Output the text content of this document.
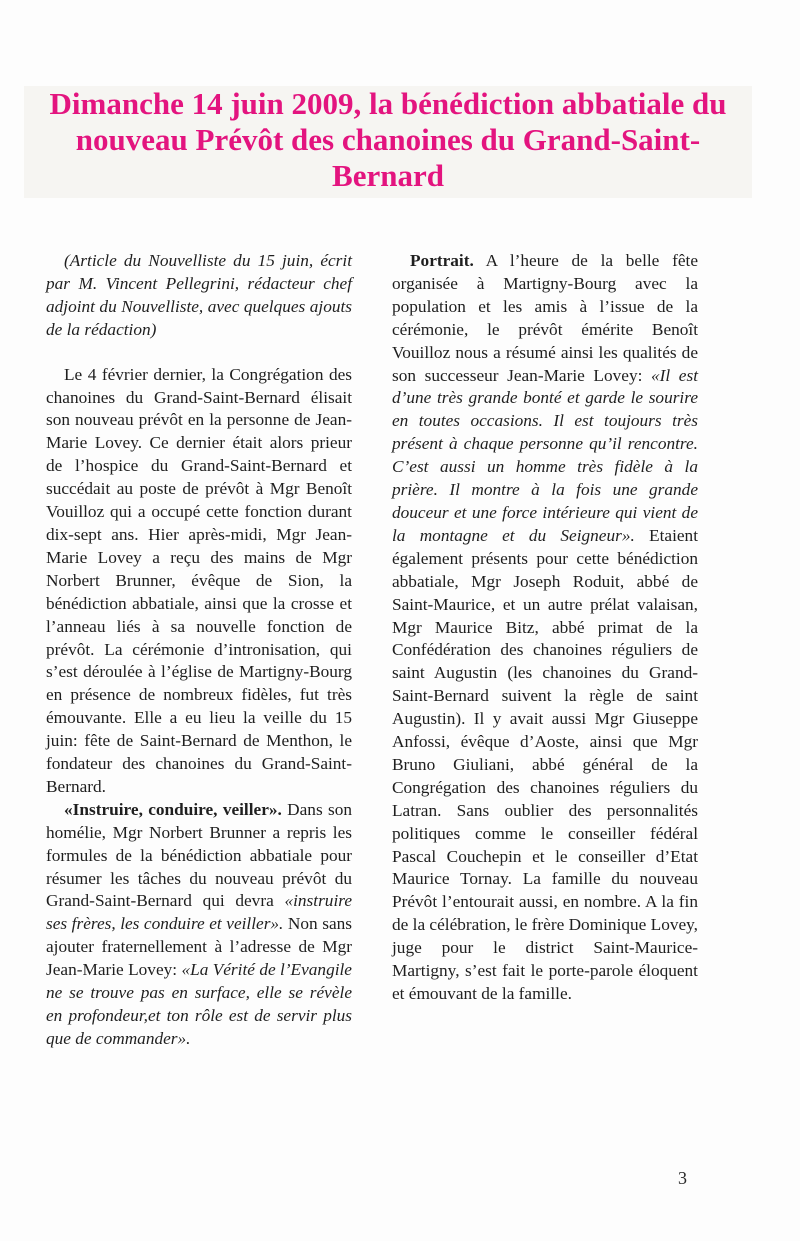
Dimanche 14 juin 2009, la bénédiction abbatiale du nouveau Prévôt des chanoines du Grand-Saint-Bernard

(Article du Nouvelliste du 15 juin, écrit par M. Vincent Pellegrini, rédacteur chef adjoint du Nouvelliste, avec quelques ajouts de la rédaction)

Le 4 février dernier, la Congrégation des chanoines du Grand-Saint-Bernard élisait son nouveau prévôt en la personne de Jean-Marie Lovey. Ce dernier était alors prieur de l’hospice du Grand-Saint-Bernard et succédait au poste de prévôt à Mgr Benoît Vouilloz qui a occupé cette fonction durant dix-sept ans. Hier après-midi, Mgr Jean-Marie Lovey a reçu des mains de Mgr Norbert Brunner, évêque de Sion, la bénédiction abbatiale, ainsi que la crosse et l’anneau liés à sa nouvelle fonction de prévôt. La cérémonie d’intronisation, qui s’est déroulée à l’église de Martigny-Bourg en présence de nombreux fidèles, fut très émouvante. Elle a eu lieu la veille du 15 juin: fête de Saint-Bernard de Menthon, le fondateur des chanoines du Grand-Saint-Bernard.

«Instruire, conduire, veiller». Dans son homélie, Mgr Norbert Brunner a repris les formules de la bénédiction abbatiale pour résumer les tâches du nouveau prévôt du Grand-Saint-Bernard qui devra «instruire ses frères, les conduire et veiller». Non sans ajouter fraternellement à l’adresse de Mgr Jean-Marie Lovey: «La Vérité de l’Evangile ne se trouve pas en surface, elle se révèle en profondeur,et ton rôle est de servir plus que de commander».

Portrait. A l’heure de la belle fête organisée à Martigny-Bourg avec la population et les amis à l’issue de la cérémonie, le prévôt émérite Benoît Vouilloz nous a résumé ainsi les qualités de son successeur Jean-Marie Lovey: «Il est d’une très grande bonté et garde le sourire en toutes occasions. Il est toujours très présent à chaque personne qu’il rencontre. C’est aussi un homme très fidèle à la prière. Il montre à la fois une grande douceur et une force intérieure qui vient de la montagne et du Seigneur». Etaient également présents pour cette bénédiction abbatiale, Mgr Joseph Roduit, abbé de Saint-Maurice, et un autre prélat valaisan, Mgr Maurice Bitz, abbé primat de la Confédération des chanoines réguliers de saint Augustin (les chanoines du Grand-Saint-Bernard suivent la règle de saint Augustin). Il y avait aussi Mgr Giuseppe Anfossi, évêque d’Aoste, ainsi que Mgr Bruno Giuliani, abbé général de la Congrégation des chanoines réguliers du Latran. Sans oublier des personnalités politiques comme le conseiller fédéral Pascal Couchepin et le conseiller d’Etat Maurice Tornay. La famille du nouveau Prévôt l’entourait aussi, en nombre. A la fin de la célébration, le frère Dominique Lovey, juge pour le district Saint-Maurice- Martigny, s’est fait le porte-parole éloquent et émouvant de la famille.

3
